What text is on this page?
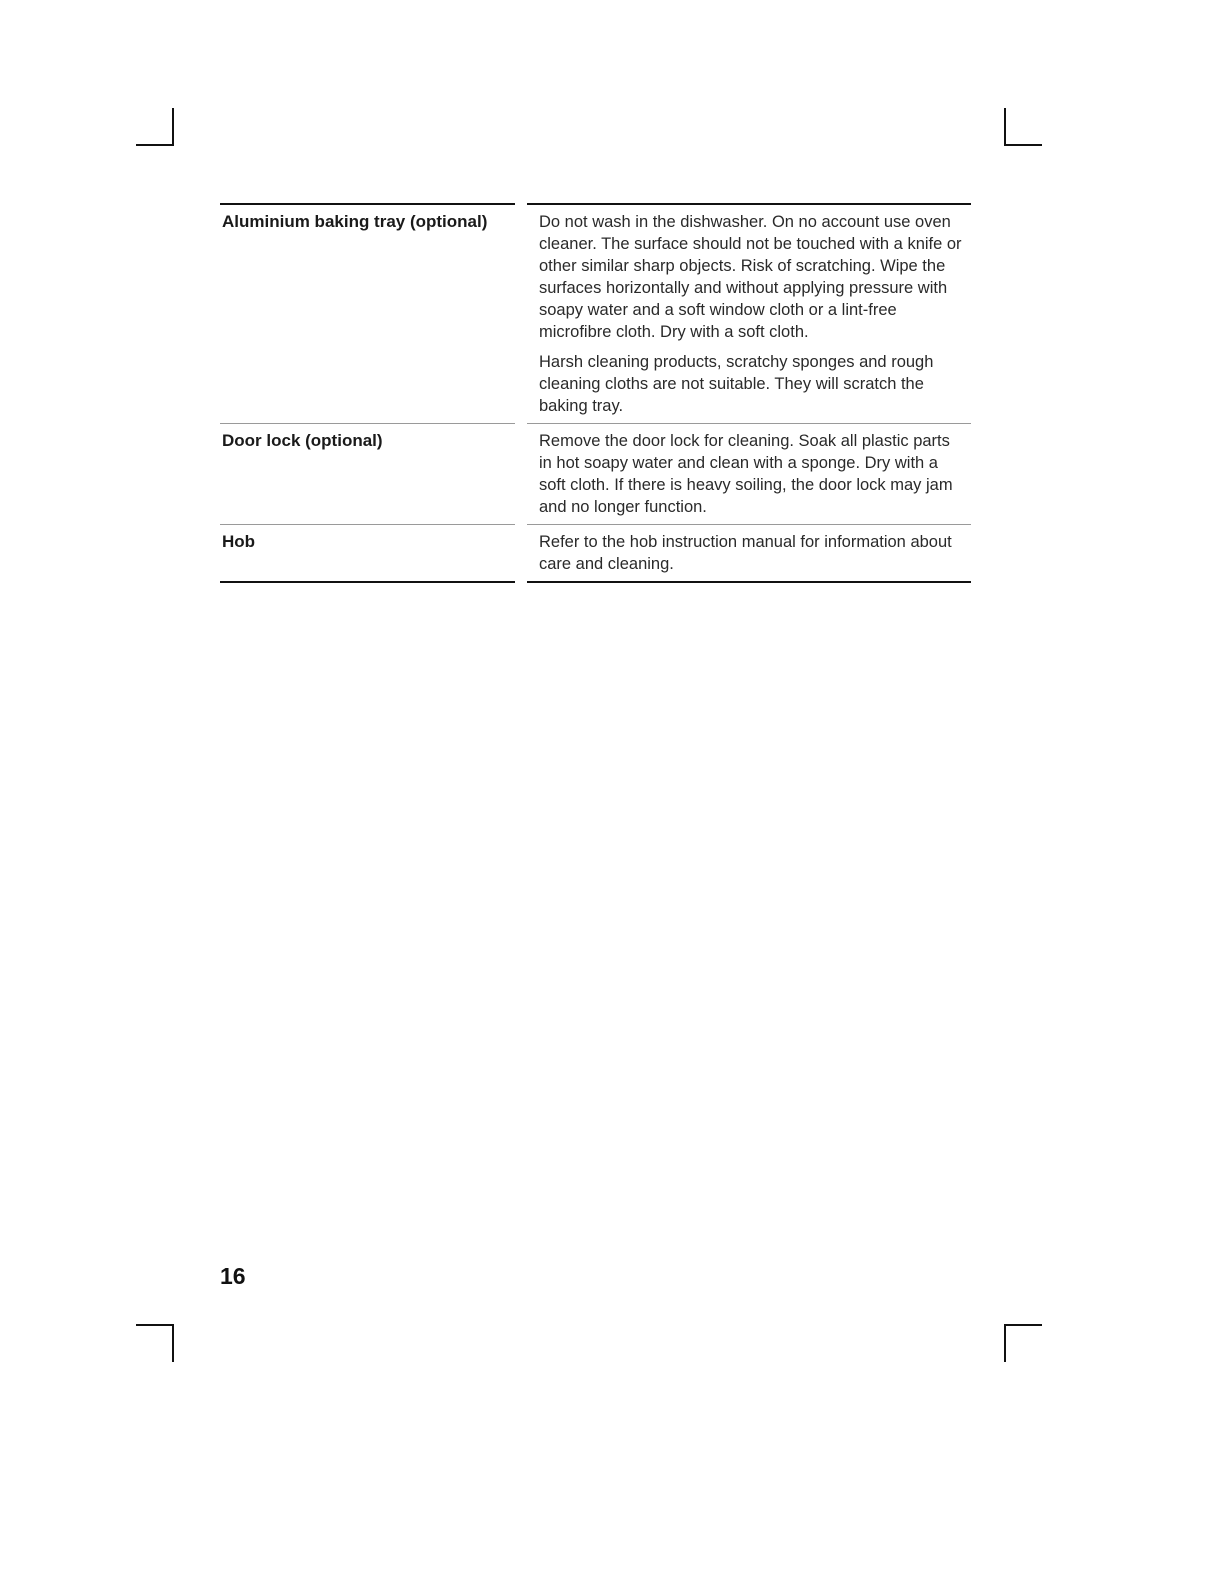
Aluminium baking tray (optional)	Do not wash in the dishwasher. On no account use oven cleaner. The surface should not be touched with a knife or other similar sharp objects. Risk of scratching. Wipe the surfaces horizontally and without applying pressure with soapy water and a soft window cloth or a lint-free microfibre cloth. Dry with a soft cloth.

Harsh cleaning products, scratchy sponges and rough cleaning cloths are not suitable. They will scratch the baking tray.

Door lock (optional)	Remove the door lock for cleaning. Soak all plastic parts in hot soapy water and clean with a sponge. Dry with a soft cloth. If there is heavy soiling, the door lock may jam and no longer function.

Hob	Refer to the hob instruction manual for information about care and cleaning.

16
